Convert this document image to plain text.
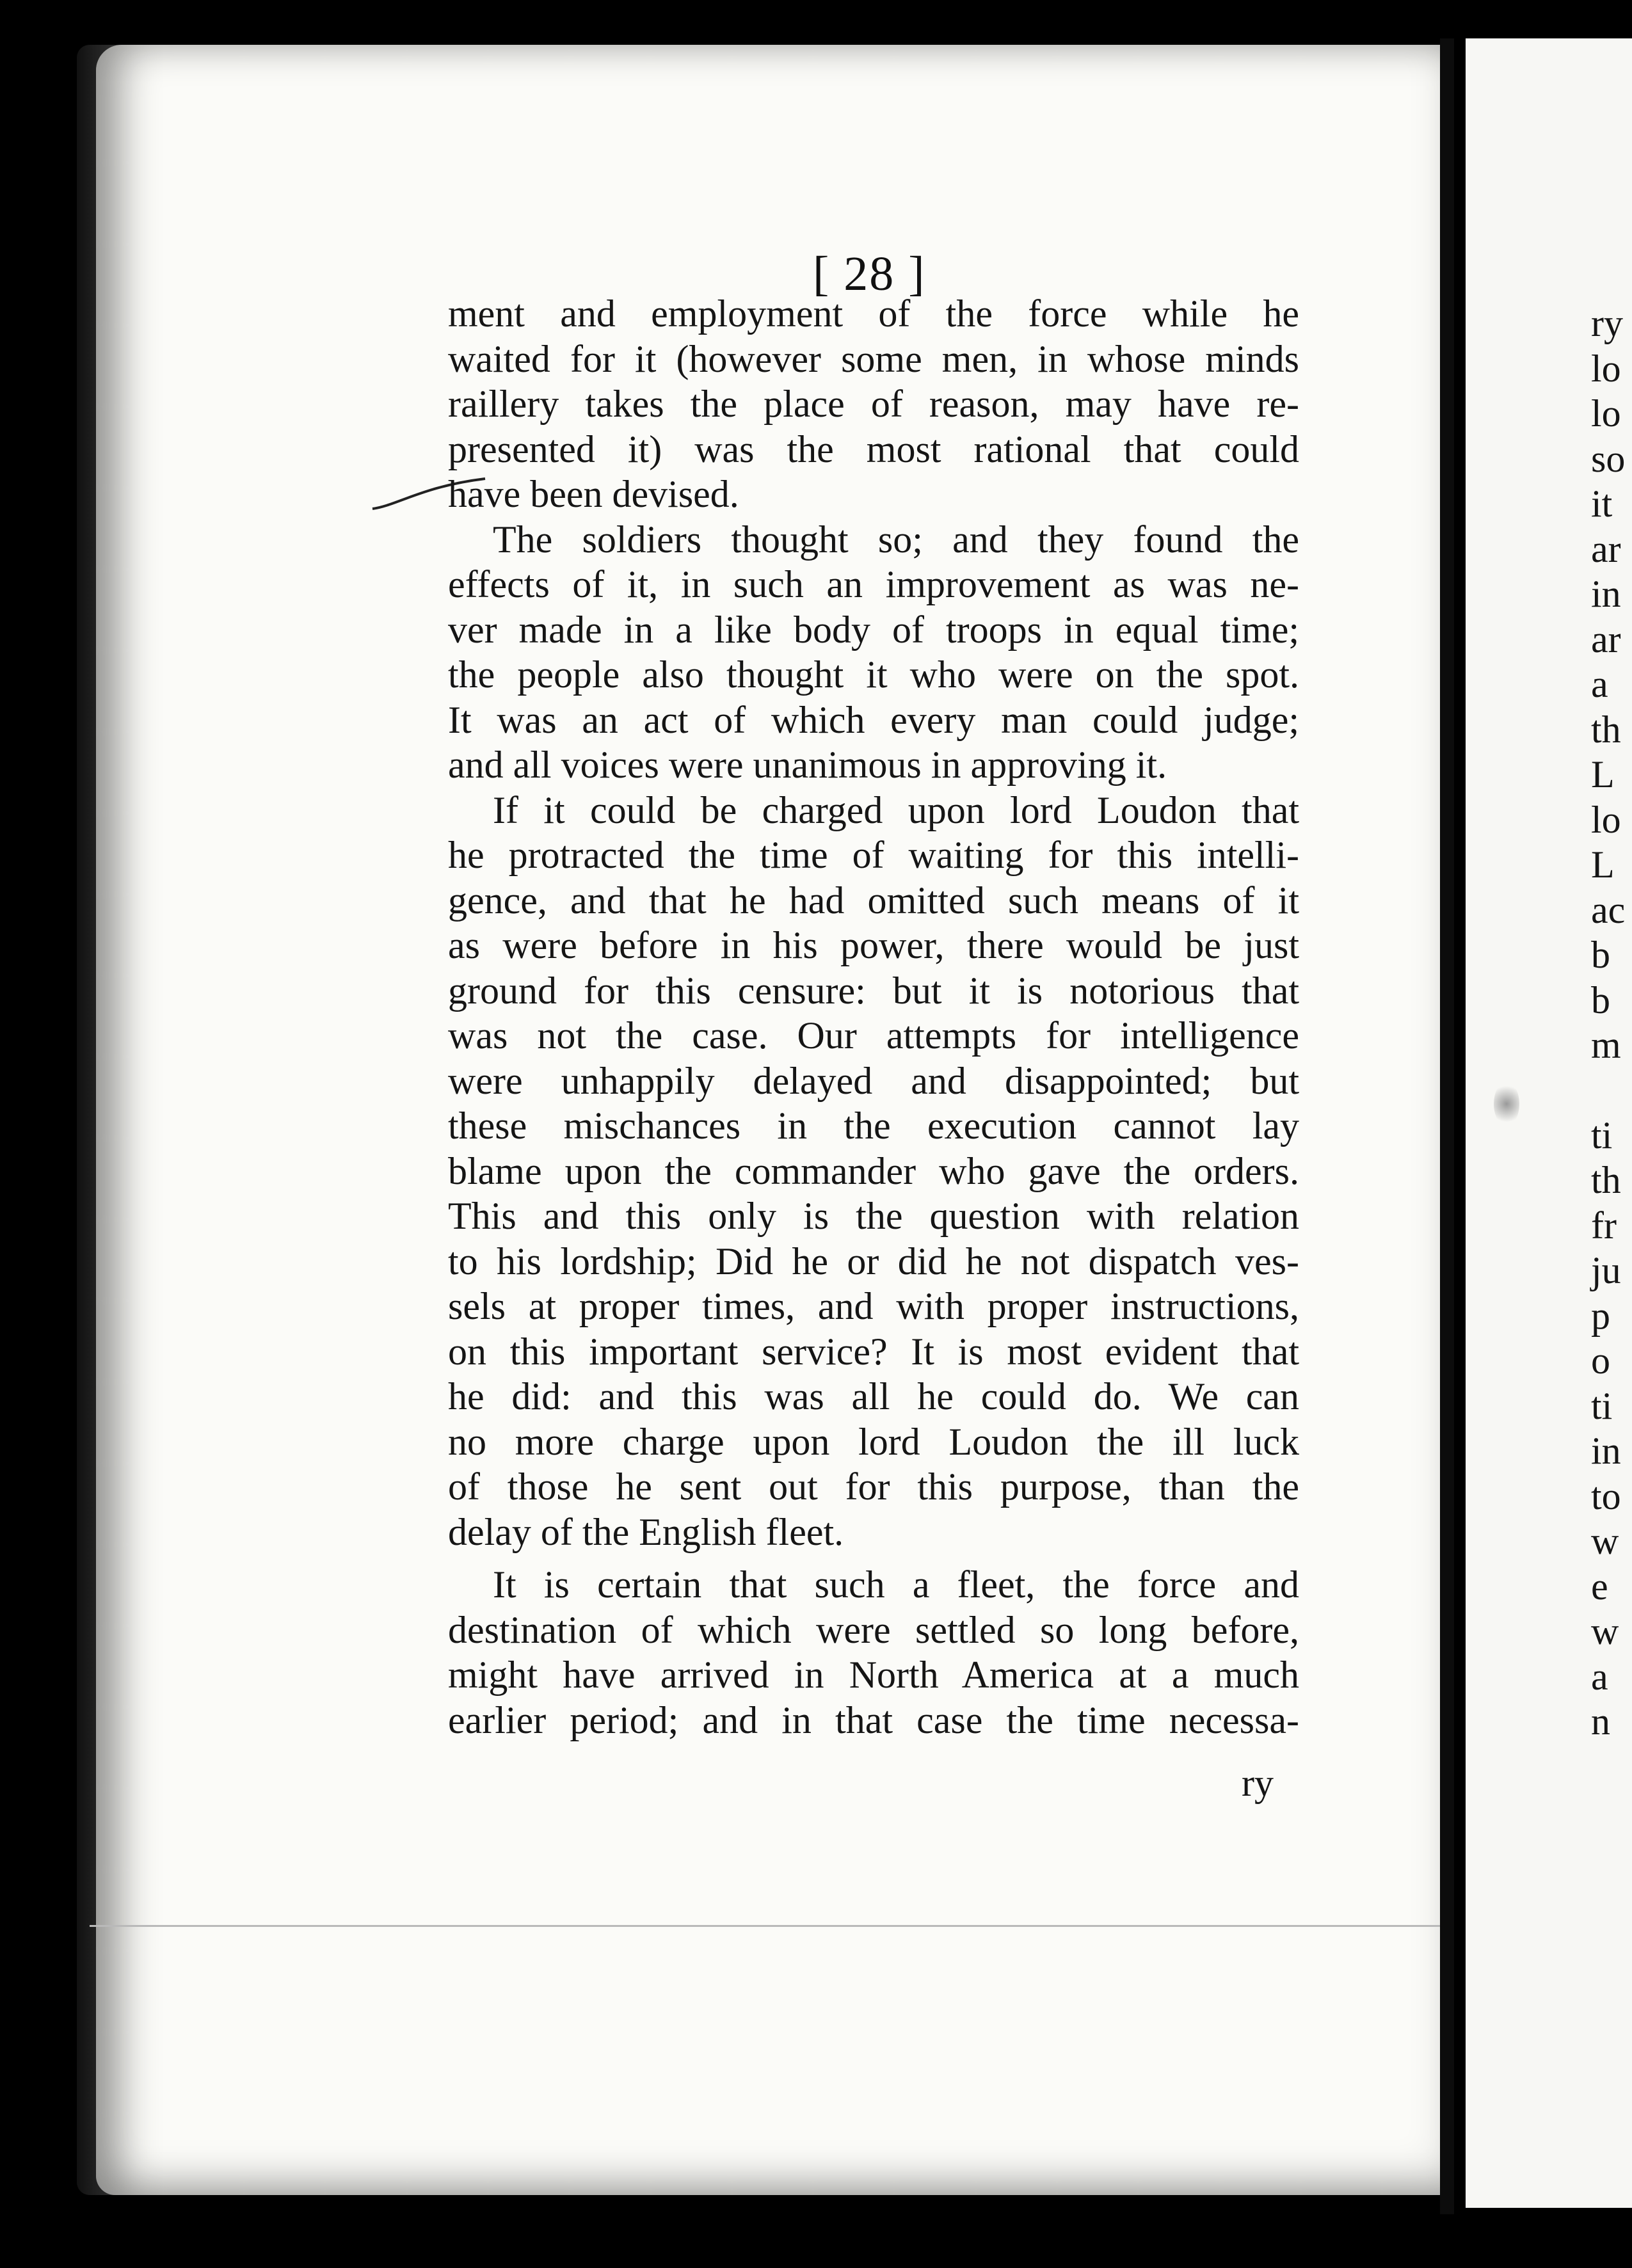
[ 28 ]
ment and employment of the force while he
waited for it (however some men, in whose minds
raillery takes the place of reason, may have re-
presented it) was the most rational that could
have been devised.
The soldiers thought so; and they found the
effects of it, in such an improvement as was ne-
ver made in a like body of troops in equal time;
the people also thought it who were on the spot.
It was an act of which every man could judge;
and all voices were unanimous in approving it.
If it could be charged upon lord Loudon that
he protracted the time of waiting for this intelli-
gence, and that he had omitted such means of it
as were before in his power, there would be just
ground for this censure: but it is notorious that
was not the case. Our attempts for intelligence
were unhappily delayed and disappointed; but
these mischances in the execution cannot lay
blame upon the commander who gave the orders.
This and this only is the question with relation
to his lordship; Did he or did he not dispatch ves-
sels at proper times, and with proper instructions,
on this important service? It is most evident that
he did: and this was all he could do. We can
no more charge upon lord Loudon the ill luck
of those he sent out for this purpose, than the
delay of the English fleet.
It is certain that such a fleet, the force and
destination of which were settled so long before,
might have arrived in North America at a much
earlier period; and in that case the time necessa-
ry
ry
lo
lo
so
it
ar
in
ar
a
th
L
lo
L
ac
b
b
m
ti
th
fr
ju
p
o
ti
in
to
w
e
w
a
n
